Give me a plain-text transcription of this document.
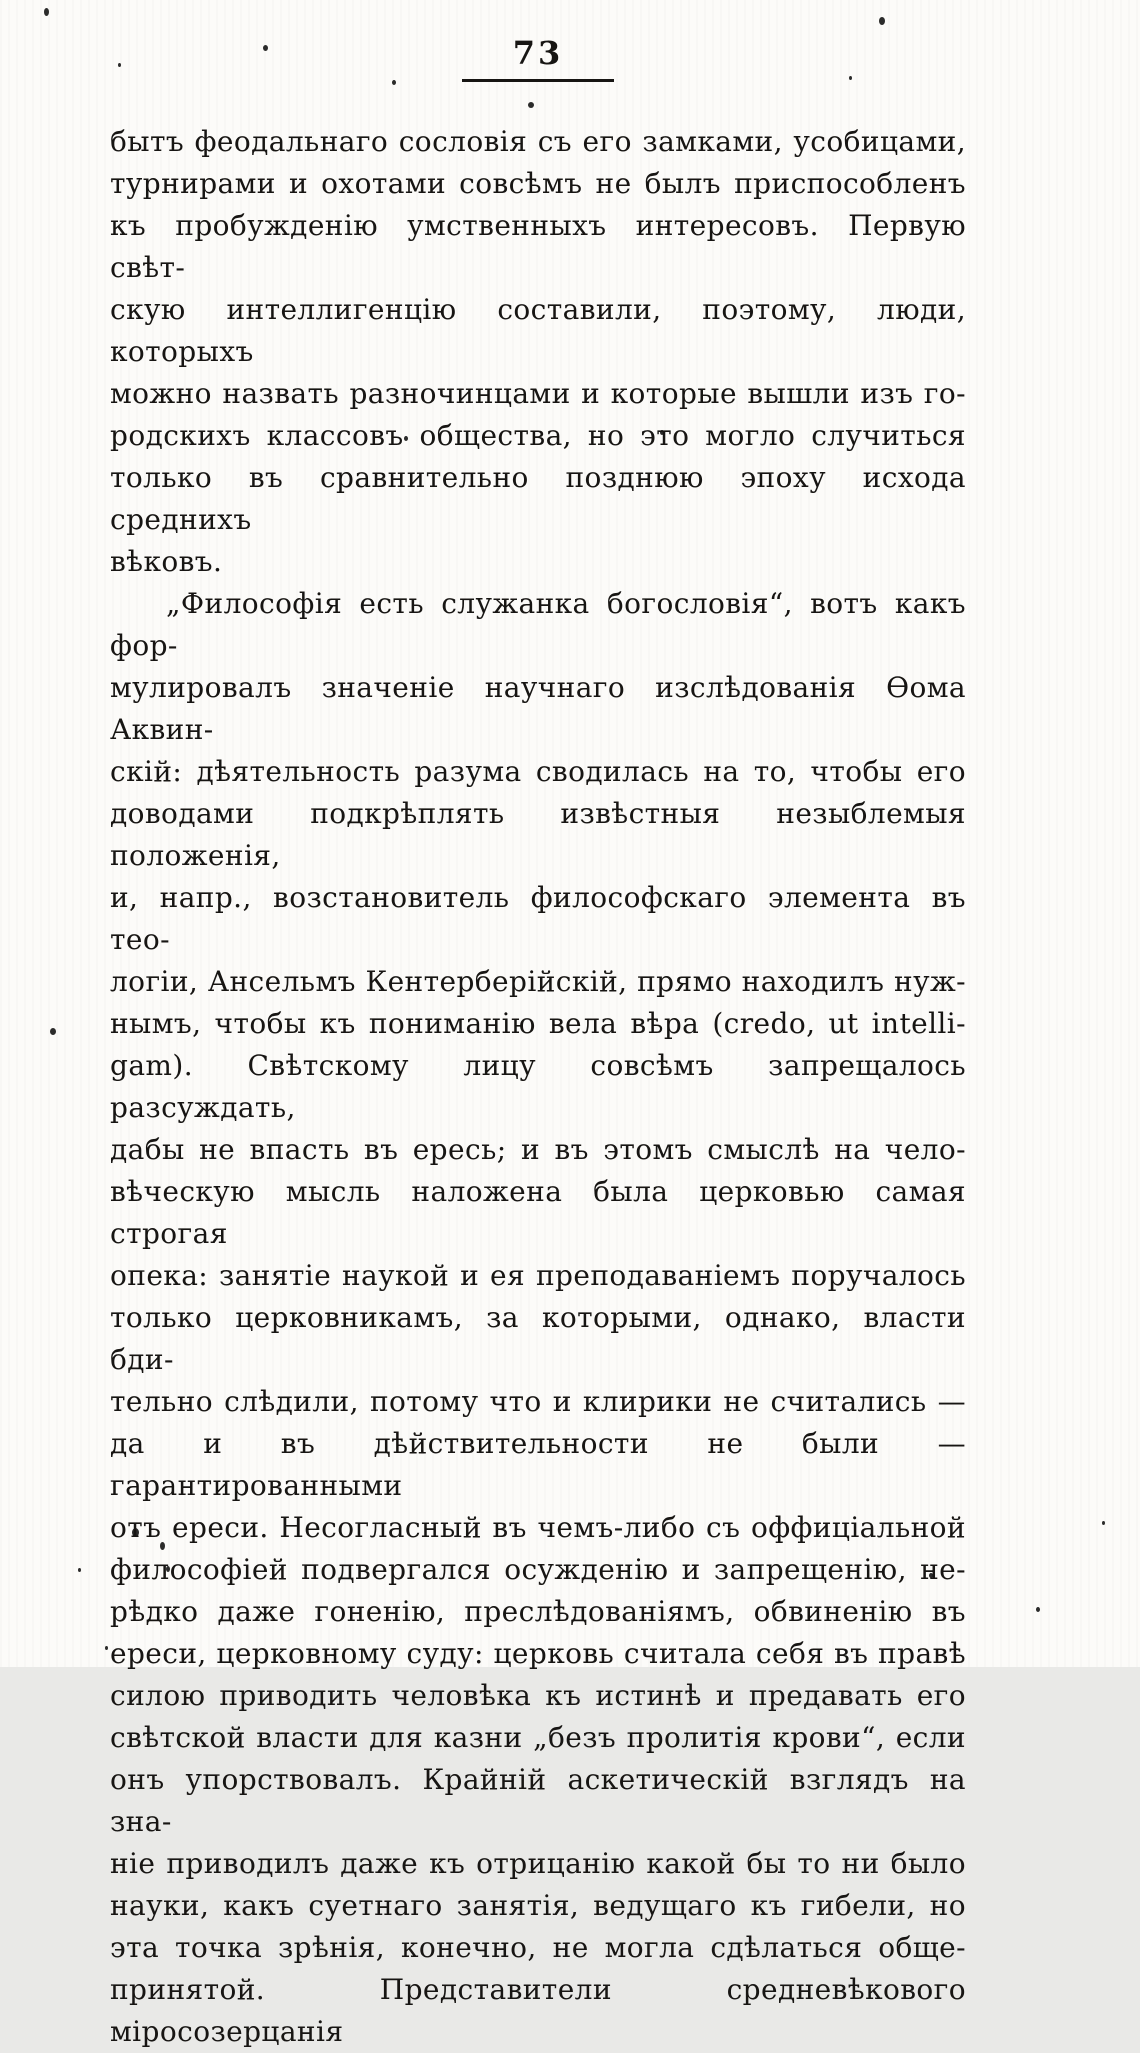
73
бытъ феодальнаго сословія съ его замками, усобицами,
турнирами и охотами совсѣмъ не былъ приспособленъ
къ пробужденію умственныхъ интересовъ. Первую свѣт-
скую интеллигенцію составили, поэтому, люди, которыхъ
можно назвать разночинцами и которые вышли изъ го-
родскихъ классовъ общества, но это могло случиться
только въ сравнительно позднюю эпоху исхода среднихъ
вѣковъ.
„Философія есть служанка богословія“, вотъ какъ фор-
мулировалъ значеніе научнаго изслѣдованія Ѳома Аквин-
скій: дѣятельность разума сводилась на то, чтобы его
доводами подкрѣплять извѣстныя незыблемыя положенія,
и, напр., возстановитель философскаго элемента въ тео-
логіи, Ансельмъ Кентерберійскій, прямо находилъ нуж-
нымъ, чтобы къ пониманію вела вѣра (credo, ut intelli-
gam). Свѣтскому лицу совсѣмъ запрещалось разсуждать,
дабы не впасть въ ересь; и въ этомъ смыслѣ на чело-
вѣческую мысль наложена была церковью самая строгая
опека: занятіе наукой и ея преподаваніемъ поручалось
только церковникамъ, за которыми, однако, власти бди-
тельно слѣдили, потому что и клирики не считались —
да и въ дѣйствительности не были — гарантированными
отъ ереси. Несогласный въ чемъ-либо съ оффиціальной
философіей подвергался осужденію и запрещенію, не-
рѣдко даже гоненію, преслѣдованіямъ, обвиненію въ
ереси, церковному суду: церковь считала себя въ правѣ
силою приводить человѣка къ истинѣ и предавать его
свѣтской власти для казни „безъ пролитія крови“, если
онъ упорствовалъ. Крайній аскетическій взглядъ на зна-
ніе приводилъ даже къ отрицанію какой бы то ни было
науки, какъ суетнаго занятія, ведущаго къ гибели, но
эта точка зрѣнія, конечно, не могла сдѣлаться обще-
принятой. Представители средневѣкового міросозерцанія
